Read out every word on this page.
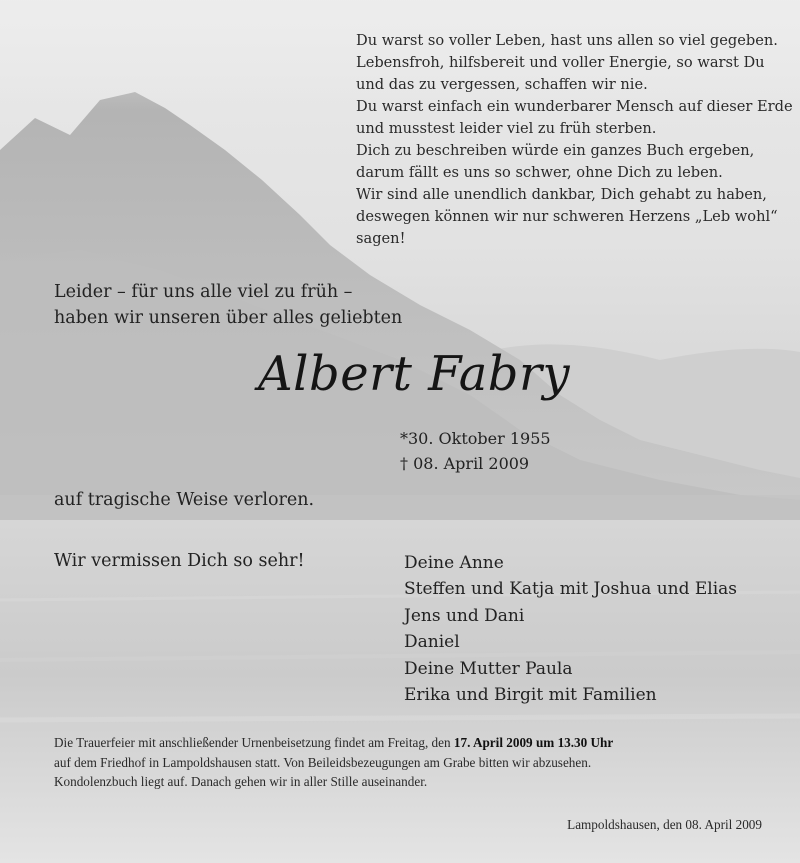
Du warst so voller Leben, hast uns allen so viel gegeben.
Lebensfroh, hilfsbereit und voller Energie, so warst Du
und das zu vergessen, schaffen wir nie.
Du warst einfach ein wunderbarer Mensch auf dieser Erde
und musstest leider viel zu früh sterben.
Dich zu beschreiben würde ein ganzes Buch ergeben,
darum fällt es uns so schwer, ohne Dich zu leben.
Wir sind alle unendlich dankbar, Dich gehabt zu haben,
deswegen können wir nur schweren Herzens „Leb wohl“
sagen!

Leider – für uns alle viel zu früh –
haben wir unseren über alles geliebten

Albert Fabry
*30. Oktober 1955
† 08. April 2009
auf tragische Weise verloren.
Wir vermissen Dich so sehr!	Deine Anne
Steffen und Katja mit Joshua und Elias
Jens und Dani
Daniel
Deine Mutter Paula
Erika und Birgit mit Familien

Die Trauerfeier mit anschließender Urnenbeisetzung findet am Freitag, den 17. April 2009 um 13.30 Uhr
auf dem Friedhof in Lampoldshausen statt. Von Beileidsbezeugungen am Grabe bitten wir abzusehen.
Kondolenzbuch liegt auf. Danach gehen wir in aller Stille auseinander.

Lampoldshausen, den 08. April 2009
